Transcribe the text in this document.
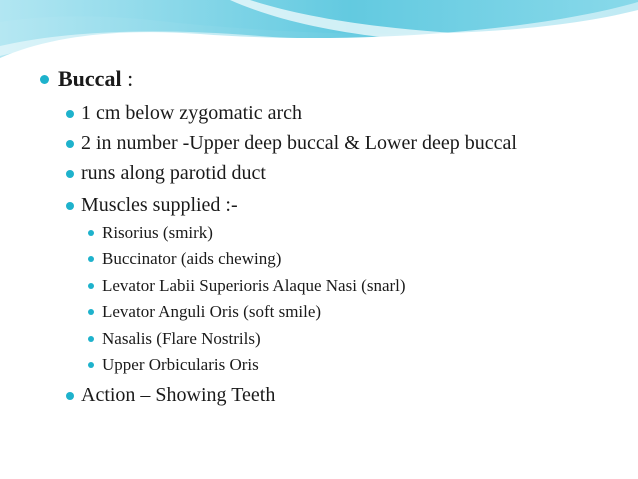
Buccal :
1 cm below zygomatic arch
2 in number -Upper deep buccal & Lower deep buccal
runs along parotid duct
Muscles supplied :-
Risorius (smirk)
Buccinator (aids chewing)
Levator Labii Superioris Alaque Nasi (snarl)
Levator Anguli Oris (soft smile)
Nasalis (Flare Nostrils)
Upper Orbicularis Oris
Action – Showing Teeth
